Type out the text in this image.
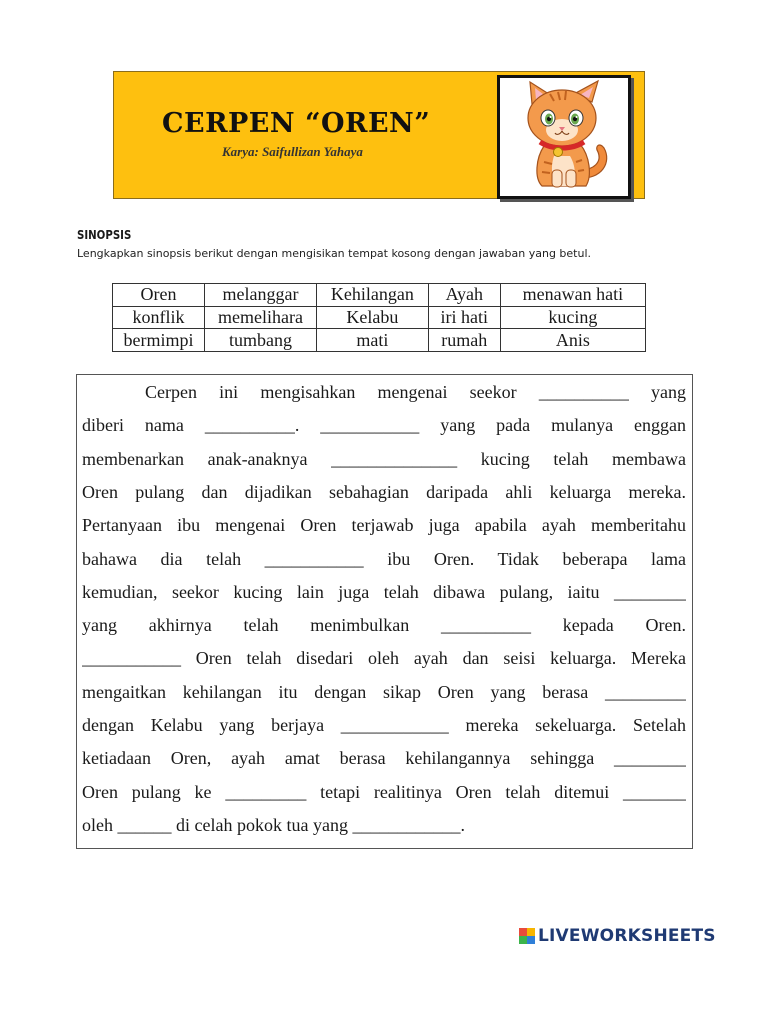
CERPEN “OREN”
Karya: Saifullizan Yahaya
SINOPSIS
Lengkapkan sinopsis berikut dengan mengisikan tempat kosong dengan jawaban yang betul.
Oren	melanggar	Kehilangan	Ayah	menawan hati
konflik	memelihara	Kelabu	iri hati	kucing
bermimpi	tumbang	mati	rumah	Anis
Cerpen ini mengisahkan mengenai seekor __________ yang
diberi nama __________. ___________ yang pada mulanya enggan
membenarkan anak-anaknya ______________ kucing telah membawa
Oren pulang dan dijadikan sebahagian daripada ahli keluarga mereka.
Pertanyaan ibu mengenai Oren terjawab juga apabila ayah memberitahu
bahawa dia telah ___________ ibu Oren. Tidak beberapa lama
kemudian, seekor kucing lain juga telah dibawa pulang, iaitu ________
yang akhirnya telah menimbulkan __________ kepada Oren.
___________ Oren telah disedari oleh ayah dan seisi keluarga. Mereka
mengaitkan kehilangan itu dengan sikap Oren yang berasa _________
dengan Kelabu yang berjaya ____________ mereka sekeluarga. Setelah
ketiadaan Oren, ayah amat berasa kehilangannya sehingga ________
Oren pulang ke _________ tetapi realitinya Oren telah ditemui _______
oleh ______ di celah pokok tua yang ____________.
LIVEWORKSHEETS
